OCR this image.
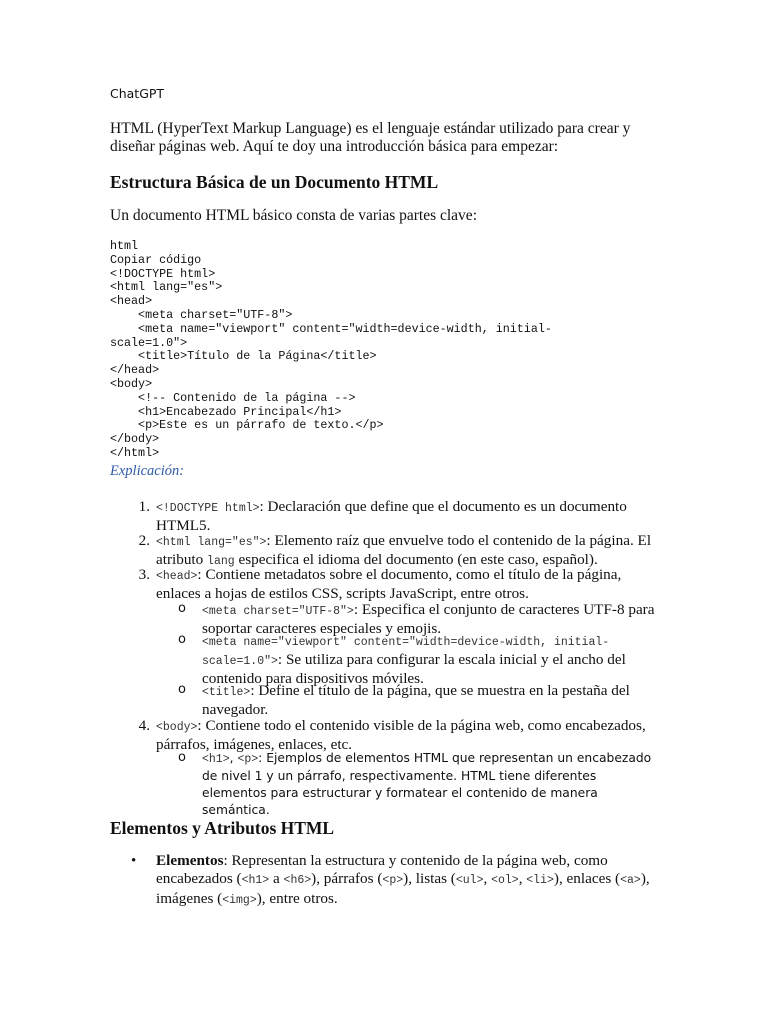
ChatGPT

HTML (HyperText Markup Language) es el lenguaje estándar utilizado para crear y diseñar páginas web. Aquí te doy una introducción básica para empezar:

Estructura Básica de un Documento HTML

Un documento HTML básico consta de varias partes clave:

html
Copiar código
<!DOCTYPE html>
<html lang="es">
<head>
<meta charset="UTF-8">
<meta name="viewport" content="width=device-width, initial-
scale=1.0">
<title>Título de la Página</title>
</head>
<body>
<!-- Contenido de la página -->
<h1>Encabezado Principal</h1>
<p>Este es un párrafo de texto.</p>
</body>
</html>
Explicación:
1. <!DOCTYPE html>: Declaración que define que el documento es un documento HTML5.
2. <html lang="es">: Elemento raíz que envuelve todo el contenido de la página. El atributo lang especifica el idioma del documento (en este caso, español).
3. <head>: Contiene metadatos sobre el documento, como el título de la página, enlaces a hojas de estilos CSS, scripts JavaScript, entre otros.
o <meta charset="UTF-8">: Especifica el conjunto de caracteres UTF-8 para soportar caracteres especiales y emojis.
o <meta name="viewport" content="width=device-width, initial-scale=1.0">: Se utiliza para configurar la escala inicial y el ancho del contenido para dispositivos móviles.
o <title>: Define el título de la página, que se muestra en la pestaña del navegador.
4. <body>: Contiene todo el contenido visible de la página web, como encabezados, párrafos, imágenes, enlaces, etc.
o <h1>, <p>: Ejemplos de elementos HTML que representan un encabezado de nivel 1 y un párrafo, respectivamente. HTML tiene diferentes elementos para estructurar y formatear el contenido de manera semántica.
Elementos y Atributos HTML
• Elementos: Representan la estructura y contenido de la página web, como encabezados (<h1> a <h6>), párrafos (<p>), listas (<ul>, <ol>, <li>), enlaces (<a>), imágenes (<img>), entre otros.
